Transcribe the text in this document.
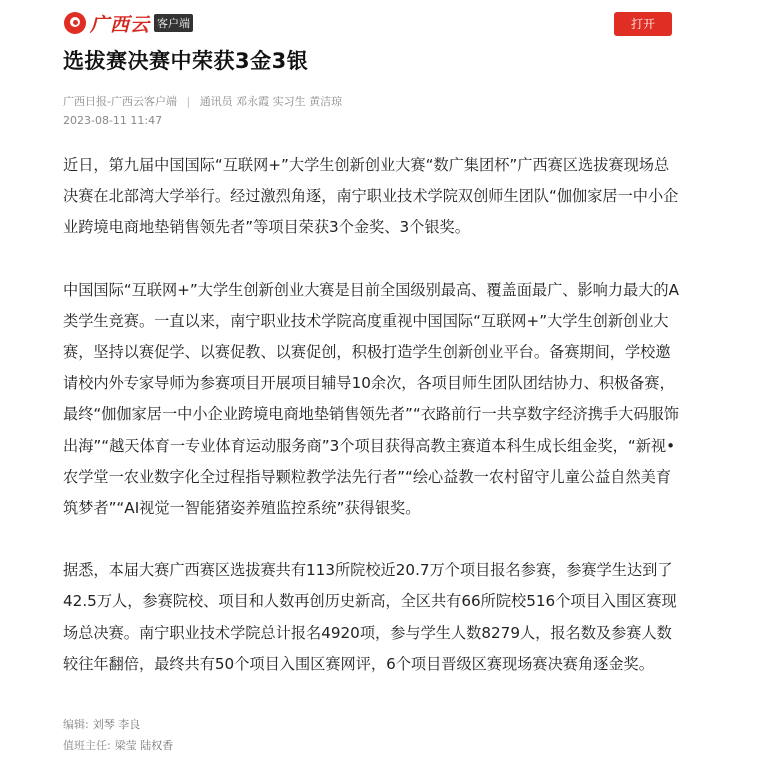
广西云 客户端	打开
选拔赛决赛中荣获3金3银
广西日报-广西云客户端 | 通讯员 邓永霞 实习生 黄洁琼
2023-08-11 11:47

近日，第九届中国国际“互联网+”大学生创新创业大赛“数广集团杯”广西赛区选拔赛现场总决赛在北部湾大学举行。经过激烈角逐，南宁职业技术学院双创师生团队“伽伽家居一中小企业跨境电商地垫销售领先者”等项目荣获3个金奖、3个银奖。

中国国际“互联网+”大学生创新创业大赛是目前全国级别最高、覆盖面最广、影响力最大的A类学生竞赛。一直以来，南宁职业技术学院高度重视中国国际“互联网+”大学生创新创业大赛，坚持以赛促学、以赛促教、以赛促创，积极打造学生创新创业平台。备赛期间，学校邀请校内外专家导师为参赛项目开展项目辅导10余次，各项目师生团队团结协力、积极备赛，最终“伽伽家居一中小企业跨境电商地垫销售领先者”“衣路前行一共享数字经济携手大码服饰出海”“越天体育一专业体育运动服务商”3个项目获得高教主赛道本科生成长组金奖，“新视• 农学堂一农业数字化全过程指导颗粒教学法先行者”“绘心益教一农村留守儿童公益自然美育筑梦者”“AI视觉一智能猪姿养殖监控系统”获得银奖。

据悉，本届大赛广西赛区选拔赛共有113所院校近20.7万个项目报名参赛，参赛学生达到了42.5万人，参赛院校、项目和人数再创历史新高，全区共有66所院校516个项目入围区赛现场总决赛。南宁职业技术学院总计报名4920项，参与学生人数8279人，报名数及参赛人数较往年翻倍，最终共有50个项目入围区赛网评，6个项目晋级区赛现场赛决赛角逐金奖。

编辑: 刘琴 李良
值班主任: 梁莹 陆权香
